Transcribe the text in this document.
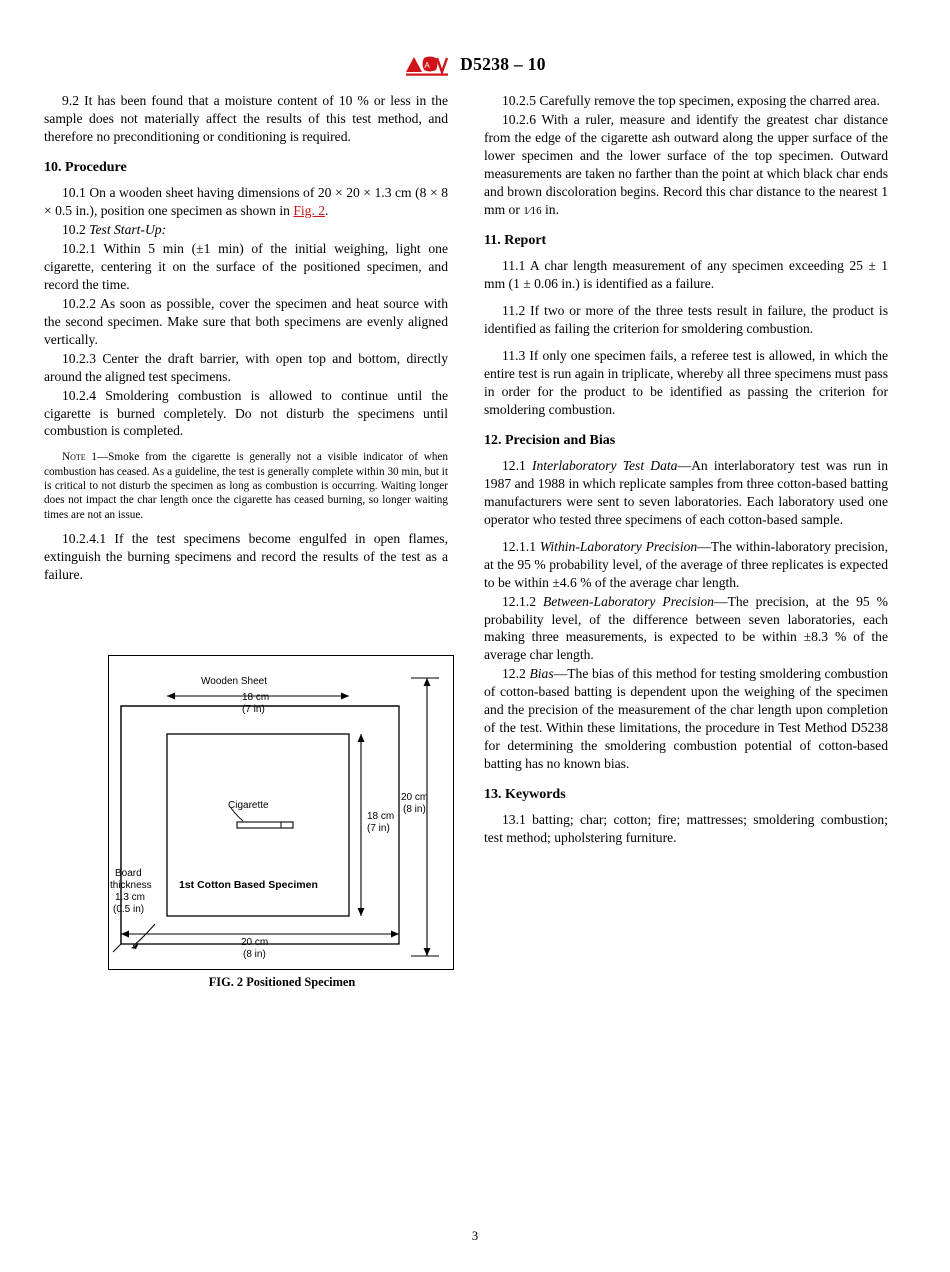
A D5238 – 10

9.2 It has been found that a moisture content of 10 % or less in the sample does not materially affect the results of this test method, and therefore no preconditioning or conditioning is required.

10. Procedure

10.1 On a wooden sheet having dimensions of 20 × 20 × 1.3 cm (8 × 8 × 0.5 in.), position one specimen as shown in Fig. 2.

10.2 Test Start-Up:

10.2.1 Within 5 min (±1 min) of the initial weighing, light one cigarette, centering it on the surface of the positioned specimen, and record the time.

10.2.2 As soon as possible, cover the specimen and heat source with the second specimen. Make sure that both specimens are evenly aligned vertically.

10.2.3 Center the draft barrier, with open top and bottom, directly around the aligned test specimens.

10.2.4 Smoldering combustion is allowed to continue until the cigarette is burned completely. Do not disturb the specimens until combustion is completed.

Note 1—Smoke from the cigarette is generally not a visible indicator of when combustion has ceased. As a guideline, the test is generally complete within 30 min, but it is critical to not disturb the specimen as long as combustion is occurring. Waiting longer does not impact the char length once the cigarette has ceased burning, so longer waiting times are not an issue.

10.2.4.1 If the test specimens become engulfed in open flames, extinguish the burning specimens and record the results of the test as a failure.

Wooden Sheet
18 cm
(7 in)
Cigarette
18 cm
(7 in)
20 cm
(8 in)
1st Cotton Based Specimen
20 cm
(8 in)
Board
thickness
1.3 cm
(0.5 in)
FIG. 2 Positioned Specimen

10.2.5 Carefully remove the top specimen, exposing the charred area.

10.2.6 With a ruler, measure and identify the greatest char distance from the edge of the cigarette ash outward along the upper surface of the lower specimen and the lower surface of the top specimen. Outward measurements are taken no farther than the point at which black char ends and brown discoloration begins. Record this char distance to the nearest 1 mm or 1⁄16 in.

11. Report

11.1 A char length measurement of any specimen exceeding 25 ± 1 mm (1 ± 0.06 in.) is identified as a failure.

11.2 If two or more of the three tests result in failure, the product is identified as failing the criterion for smoldering combustion.

11.3 If only one specimen fails, a referee test is allowed, in which the entire test is run again in triplicate, whereby all three specimens must pass in order for the product to be identified as passing the criterion for smoldering combustion.

12. Precision and Bias

12.1 Interlaboratory Test Data—An interlaboratory test was run in 1987 and 1988 in which replicate samples from three cotton-based batting manufacturers were sent to seven laboratories. Each laboratory used one operator who tested three specimens of each cotton-based sample.

12.1.1 Within-Laboratory Precision—The within-laboratory precision, at the 95 % probability level, of the average of three replicates is expected to be within ±4.6 % of the average char length.

12.1.2 Between-Laboratory Precision—The precision, at the 95 % probability level, of the difference between seven laboratories, each making three measurements, is expected to be within ±8.3 % of the average char length.

12.2 Bias—The bias of this method for testing smoldering combustion of cotton-based batting is dependent upon the weighing of the specimen and the precision of the measurement of the char length upon completion of the test. Within these limitations, the procedure in Test Method D5238 for determining the smoldering combustion potential of cotton-based batting has no known bias.

13. Keywords

13.1 batting; char; cotton; fire; mattresses; smoldering combustion; test method; upholstering furniture.

3
